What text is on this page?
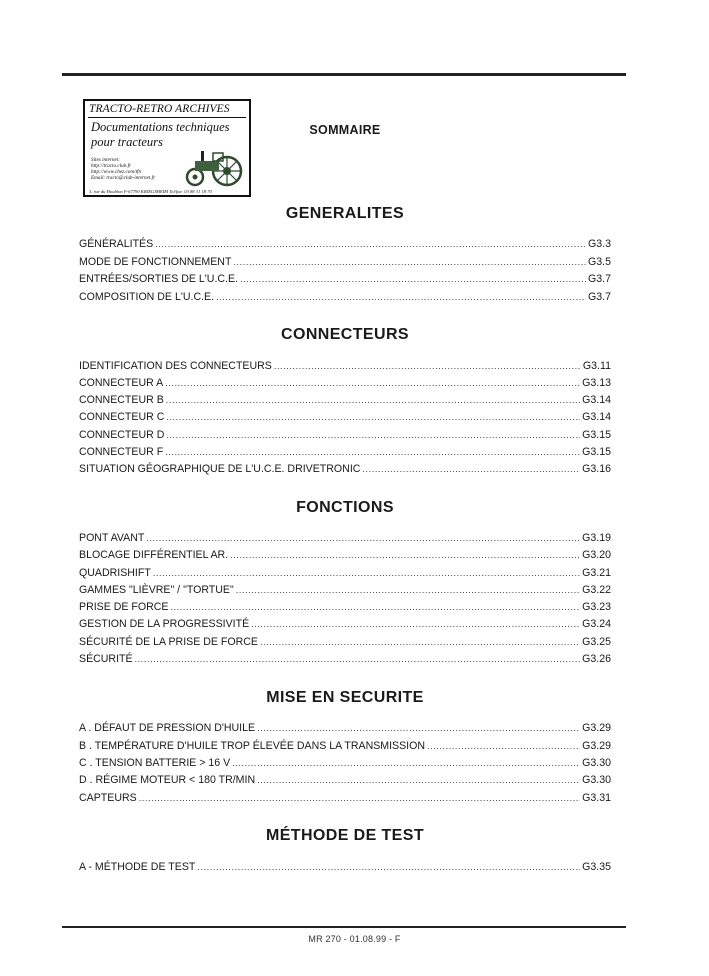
TRACTO-RETRO ARCHIVES
Documentations techniques
pour tracteurs
Sites internet:
http://tracto.club.fr
http://www.chez.com/tfn
Email: tracto@club-internet.fr
3, rue du Houblon F-67790 KRIEGSHEIM Tel/fax: 03 88 31 18 70
SOMMAIRE
GENERALITES
GÉNÉRALITÉS .....	G3.3
MODE DE FONCTIONNEMENT .....	G3.5
ENTRÉES/SORTIES DE L'U.C.E. .....	G3.7
COMPOSITION DE L'U.C.E. .....	G3.7
CONNECTEURS
IDENTIFICATION DES CONNECTEURS .....	G3.11
CONNECTEUR A .....	G3.13
CONNECTEUR B .....	G3.14
CONNECTEUR C .....	G3.14
CONNECTEUR D .....	G3.15
CONNECTEUR F .....	G3.15
SITUATION GÉOGRAPHIQUE DE L'U.C.E. DRIVETRONIC .....	G3.16
FONCTIONS
PONT AVANT .....	G3.19
BLOCAGE DIFFÉRENTIEL AR. .....	G3.20
QUADRISHIFT .....	G3.21
GAMMES "LIÈVRE" / "TORTUE" .....	G3.22
PRISE DE FORCE .....	G3.23
GESTION DE LA PROGRESSIVITÉ .....	G3.24
SÉCURITÉ DE LA PRISE DE FORCE .....	G3.25
SÉCURITÉ .....	G3.26
MISE EN SECURITE
A . DÉFAUT DE PRESSION D'HUILE .....	G3.29
B . TEMPÉRATURE D'HUILE TROP ÉLEVÉE DANS LA TRANSMISSION .....	G3.29
C . TENSION BATTERIE > 16 V .....	G3.30
D . RÉGIME MOTEUR < 180 TR/MIN .....	G3.30
CAPTEURS .....	G3.31
MÉTHODE DE TEST
A - MÉTHODE DE TEST .....	G3.35
MR 270 - 01.08.99 - F
